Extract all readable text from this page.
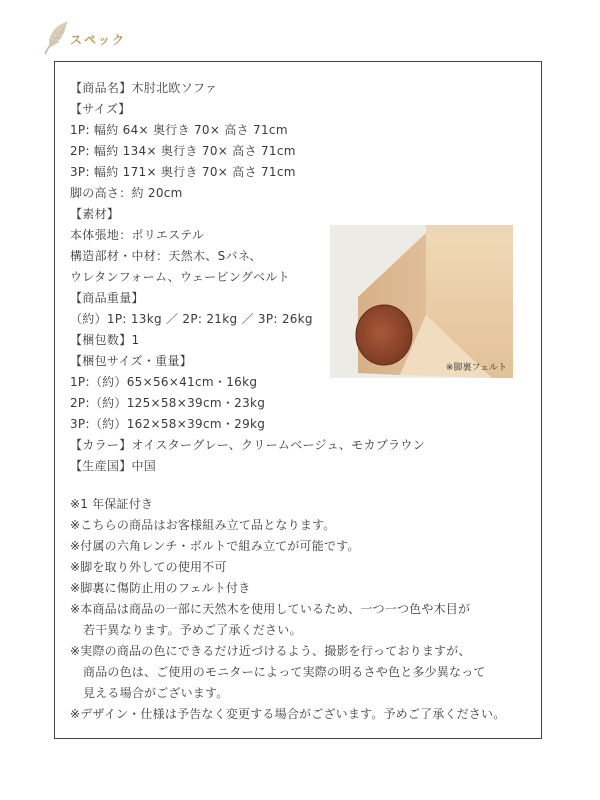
スペック
【商品名】木肘北欧ソファ
【サイズ】
1P: 幅約 64× 奥行き 70× 高さ 71cm
2P: 幅約 134× 奥行き 70× 高さ 71cm
3P: 幅約 171× 奥行き 70× 高さ 71cm
脚の高さ：約 20cm
【素材】
本体張地：ポリエステル
構造部材・中材：天然木、Sバネ、
ウレタンフォーム、ウェービングベルト
【商品重量】
（約）1P: 13kg ／ 2P: 21kg ／ 3P: 26kg
【梱包数】1
【梱包サイズ・重量】
1P:（約）65×56×41cm・16kg
2P:（約）125×58×39cm・23kg
3P:（約）162×58×39cm・29kg
【カラー】オイスターグレー、クリームベージュ、モカブラウン
【生産国】中国
※脚裏フェルト
※1 年保証付き
※こちらの商品はお客様組み立て品となります。
※付属の六角レンチ・ボルトで組み立てが可能です。
※脚を取り外しての使用不可
※脚裏に傷防止用のフェルト付き
※本商品は商品の一部に天然木を使用しているため、一つ一つ色や木目が
若干異なります。予めご了承ください。
※実際の商品の色にできるだけ近づけるよう、撮影を行っておりますが、
商品の色は、ご使用のモニターによって実際の明るさや色と多少異なって
見える場合がございます。
※デザイン・仕様は予告なく変更する場合がございます。予めご了承ください。
